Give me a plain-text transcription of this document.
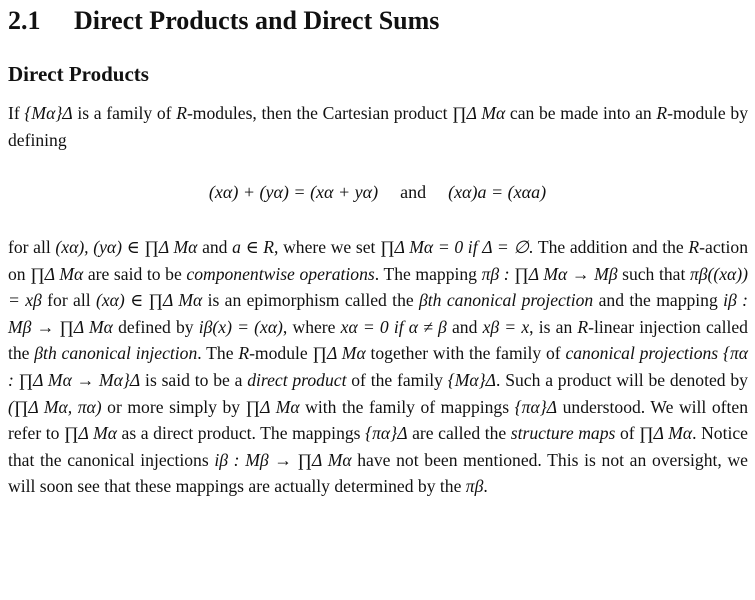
2.1 Direct Products and Direct Sums
Direct Products

If {Mα}Δ is a family of R-modules, then the Cartesian product ∏Δ Mα can be made into an R-module by defining

(xα) + (yα) = (xα + yα) and (xα)a = (xαa)

for all (xα), (yα) ∈ ∏Δ Mα and a ∈ R, where we set ∏Δ Mα = 0 if Δ = ∅. The addition and the R-action on ∏Δ Mα are said to be componentwise operations. The mapping πβ : ∏Δ Mα → Mβ such that πβ((xα)) = xβ for all (xα) ∈ ∏Δ Mα is an epimorphism called the βth canonical projection and the mapping iβ : Mβ → ∏Δ Mα defined by iβ(x) = (xα), where xα = 0 if α ≠ β and xβ = x, is an R-linear injection called the βth canonical injection. The R-module ∏Δ Mα together with the family of canonical projections {πα : ∏Δ Mα → Mα}Δ is said to be a direct product of the family {Mα}Δ. Such a product will be denoted by (∏Δ Mα, πα) or more simply by ∏Δ Mα with the family of mappings {πα}Δ understood. We will often refer to ∏Δ Mα as a direct product. The mappings {πα}Δ are called the structure maps of ∏Δ Mα. Notice that the canonical injections iβ : Mβ → ∏Δ Mα have not been mentioned. This is not an oversight, we will soon see that these mappings are actually determined by the πβ.
